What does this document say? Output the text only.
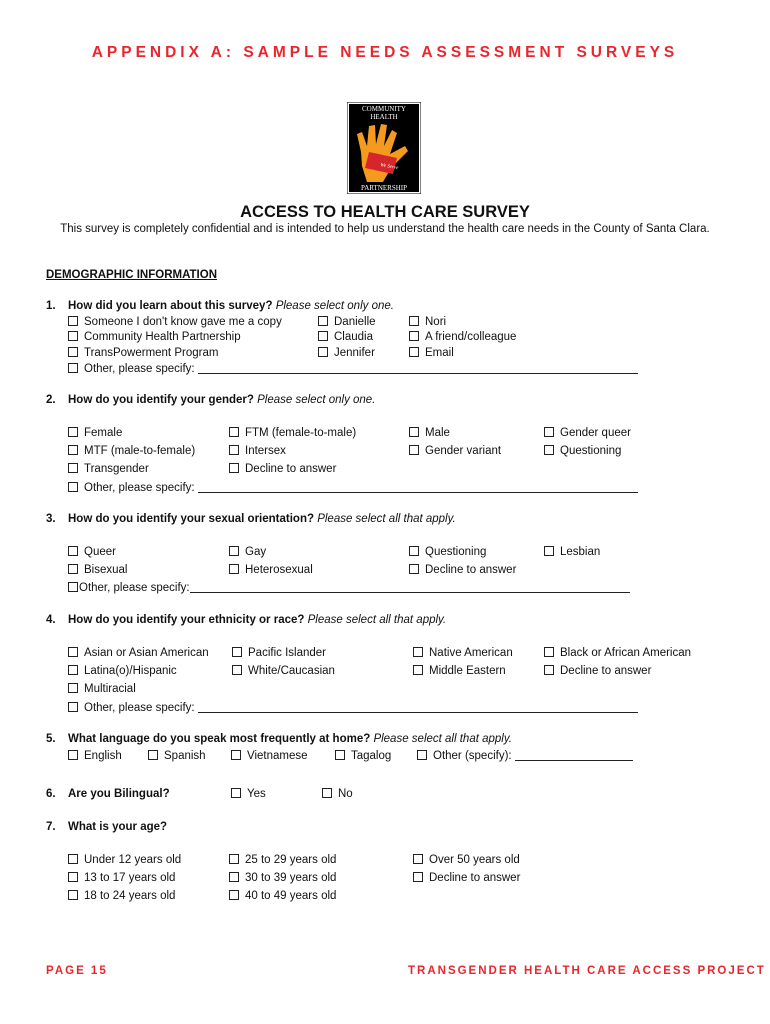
APPENDIX A: SAMPLE NEEDS ASSESSMENT SURVEYS
COMMUNITY
HEALTH
We Serve
PARTNERSHIP
ACCESS TO HEALTH CARE SURVEY
This survey is completely confidential and is intended to help us understand the health care needs in the County of Santa Clara.
DEMOGRAPHIC INFORMATION
1. How did you learn about this survey? Please select only one.
Someone I don't know gave me a copy
Community Health Partnership
TransPowerment Program
Danielle
Claudia
Jennifer
Nori
A friend/colleague
Email
Other, please specify:
2. How do you identify your gender? Please select only one.
Female
MTF (male-to-female)
Transgender
FTM (female-to-male)
Intersex
Decline to answer
Male
Gender variant
Gender queer
Questioning
Other, please specify:
3. How do you identify your sexual orientation? Please select all that apply.
Queer
Bisexual
Gay
Heterosexual
Questioning
Decline to answer
Lesbian
Other, please specify:
4. How do you identify your ethnicity or race? Please select all that apply.
Asian or Asian American
Latina(o)/Hispanic
Multiracial
Pacific Islander
White/Caucasian
Native American
Middle Eastern
Black or African American
Decline to answer
Other, please specify:
5. What language do you speak most frequently at home? Please select all that apply.
English	Spanish	Vietnamese	Tagalog	Other (specify):
6. Are you Bilingual?	Yes	No
7. What is your age?
Under 12 years old
13 to 17 years old
18 to 24 years old
25 to 29 years old
30 to 39 years old
40 to 49 years old
Over 50 years old
Decline to answer
PAGE 15	TRANSGENDER HEALTH CARE ACCESS PROJECT
